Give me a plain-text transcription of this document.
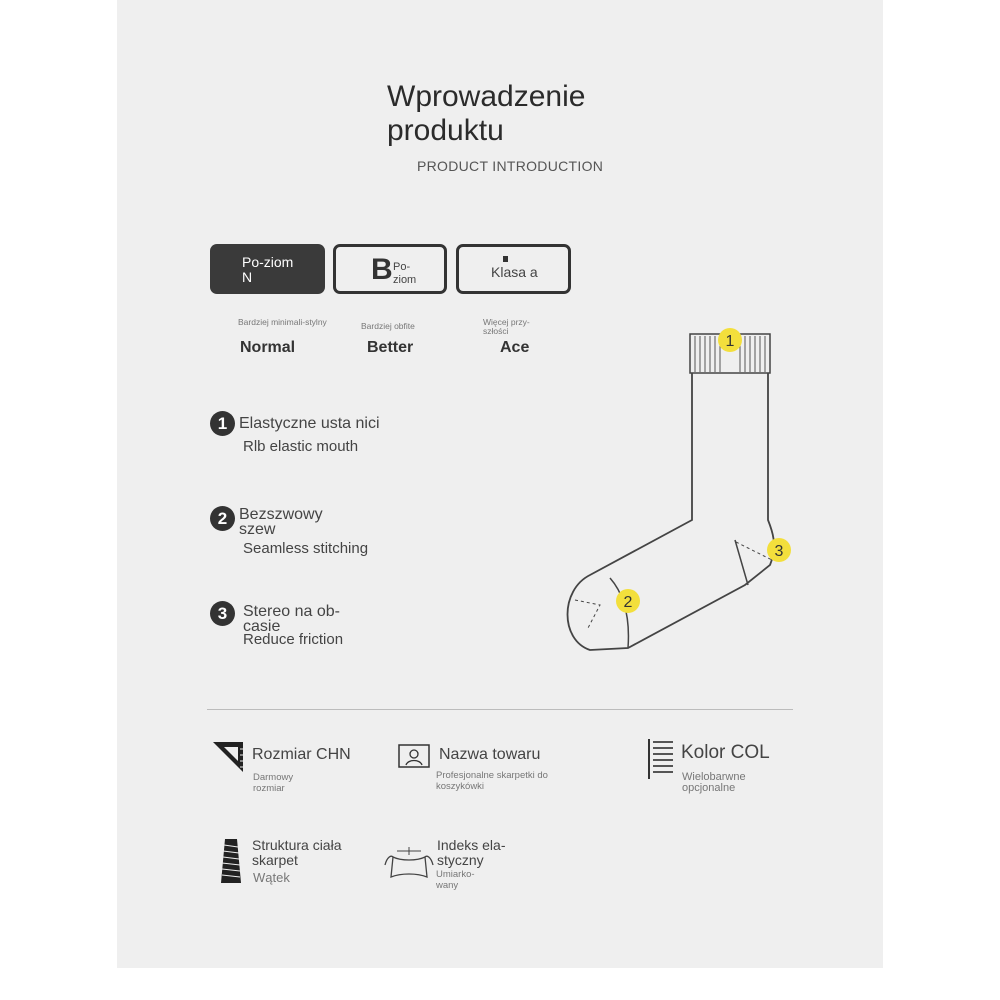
Wprowadzenie
produktu
PRODUCT INTRODUCTION
Po-ziom N	B Po-ziom	Klasa a
Bardziej minimali-stylny	Bardziej obfite	Więcej przy-szłości
Normal	Better	Ace
1 Elastyczne usta nici
Rlb elastic mouth
2 Bezszwowy szew
Seamless stitching
3 Stereo na ob-casie
Reduce friction
1
2
3
Rozmiar CHN
Darmowy rozmiar
Nazwa towaru
Profesjonalne skarpetki do koszykówki
Kolor COL
Wielobarwne opcjonalne
Struktura ciała skarpet
Wątek
Indeks ela-styczny
Umiarko-wany
